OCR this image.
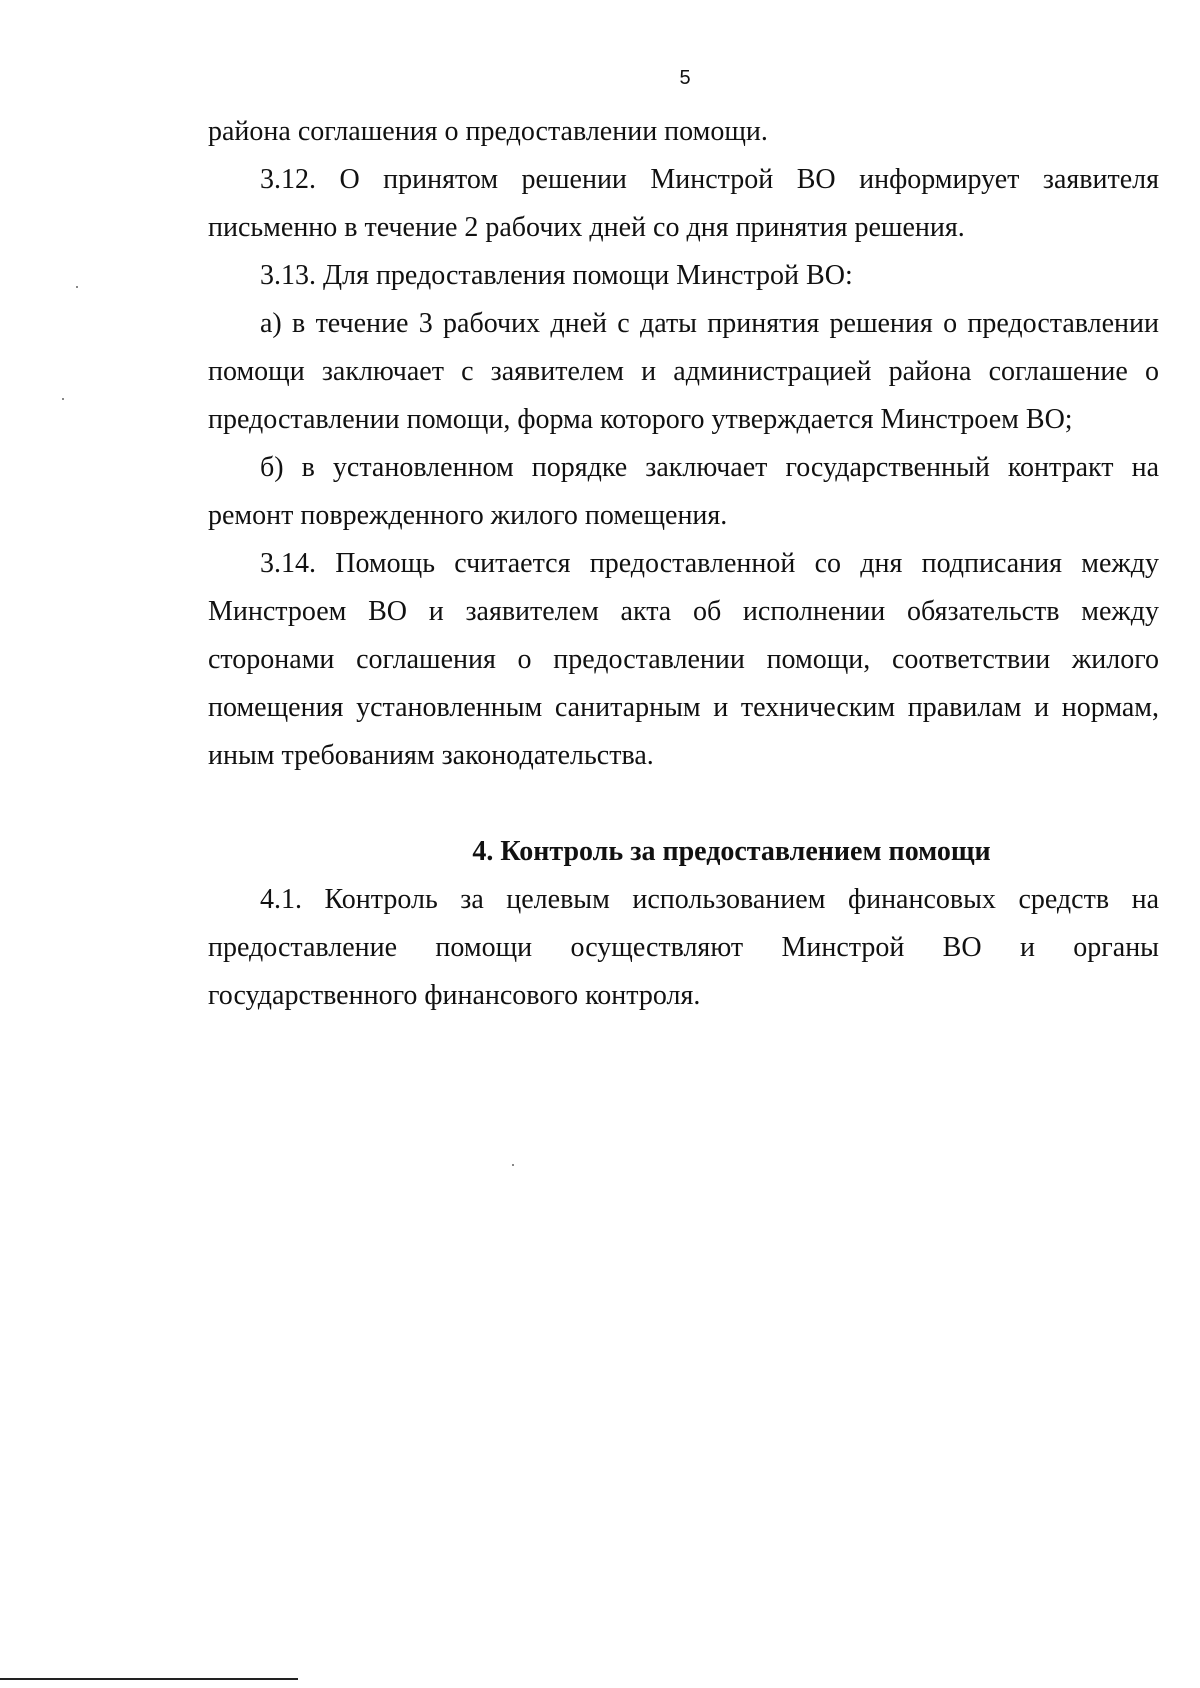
5

района соглашения о предоставлении помощи.

3.12. О принятом решении Минстрой ВО информирует заявителя письменно в течение 2 рабочих дней со дня принятия решения.

3.13. Для предоставления помощи Минстрой ВО:

а) в течение 3 рабочих дней с даты принятия решения о предоставлении помощи заключает с заявителем и администрацией района соглашение о предоставлении помощи, форма которого утверждается Минстроем ВО;

б) в установленном порядке заключает государственный контракт на ремонт поврежденного жилого помещения.

3.14. Помощь считается предоставленной со дня подписания между Минстроем ВО и заявителем акта об исполнении обязательств между сторонами соглашения о предоставлении помощи, соответствии жилого помещения установленным санитарным и техническим правилам и нормам, иным требованиям законодательства.

4. Контроль за предоставлением помощи

4.1. Контроль за целевым использованием финансовых средств на предоставление помощи осуществляют Минстрой ВО и органы государственного финансового контроля.
